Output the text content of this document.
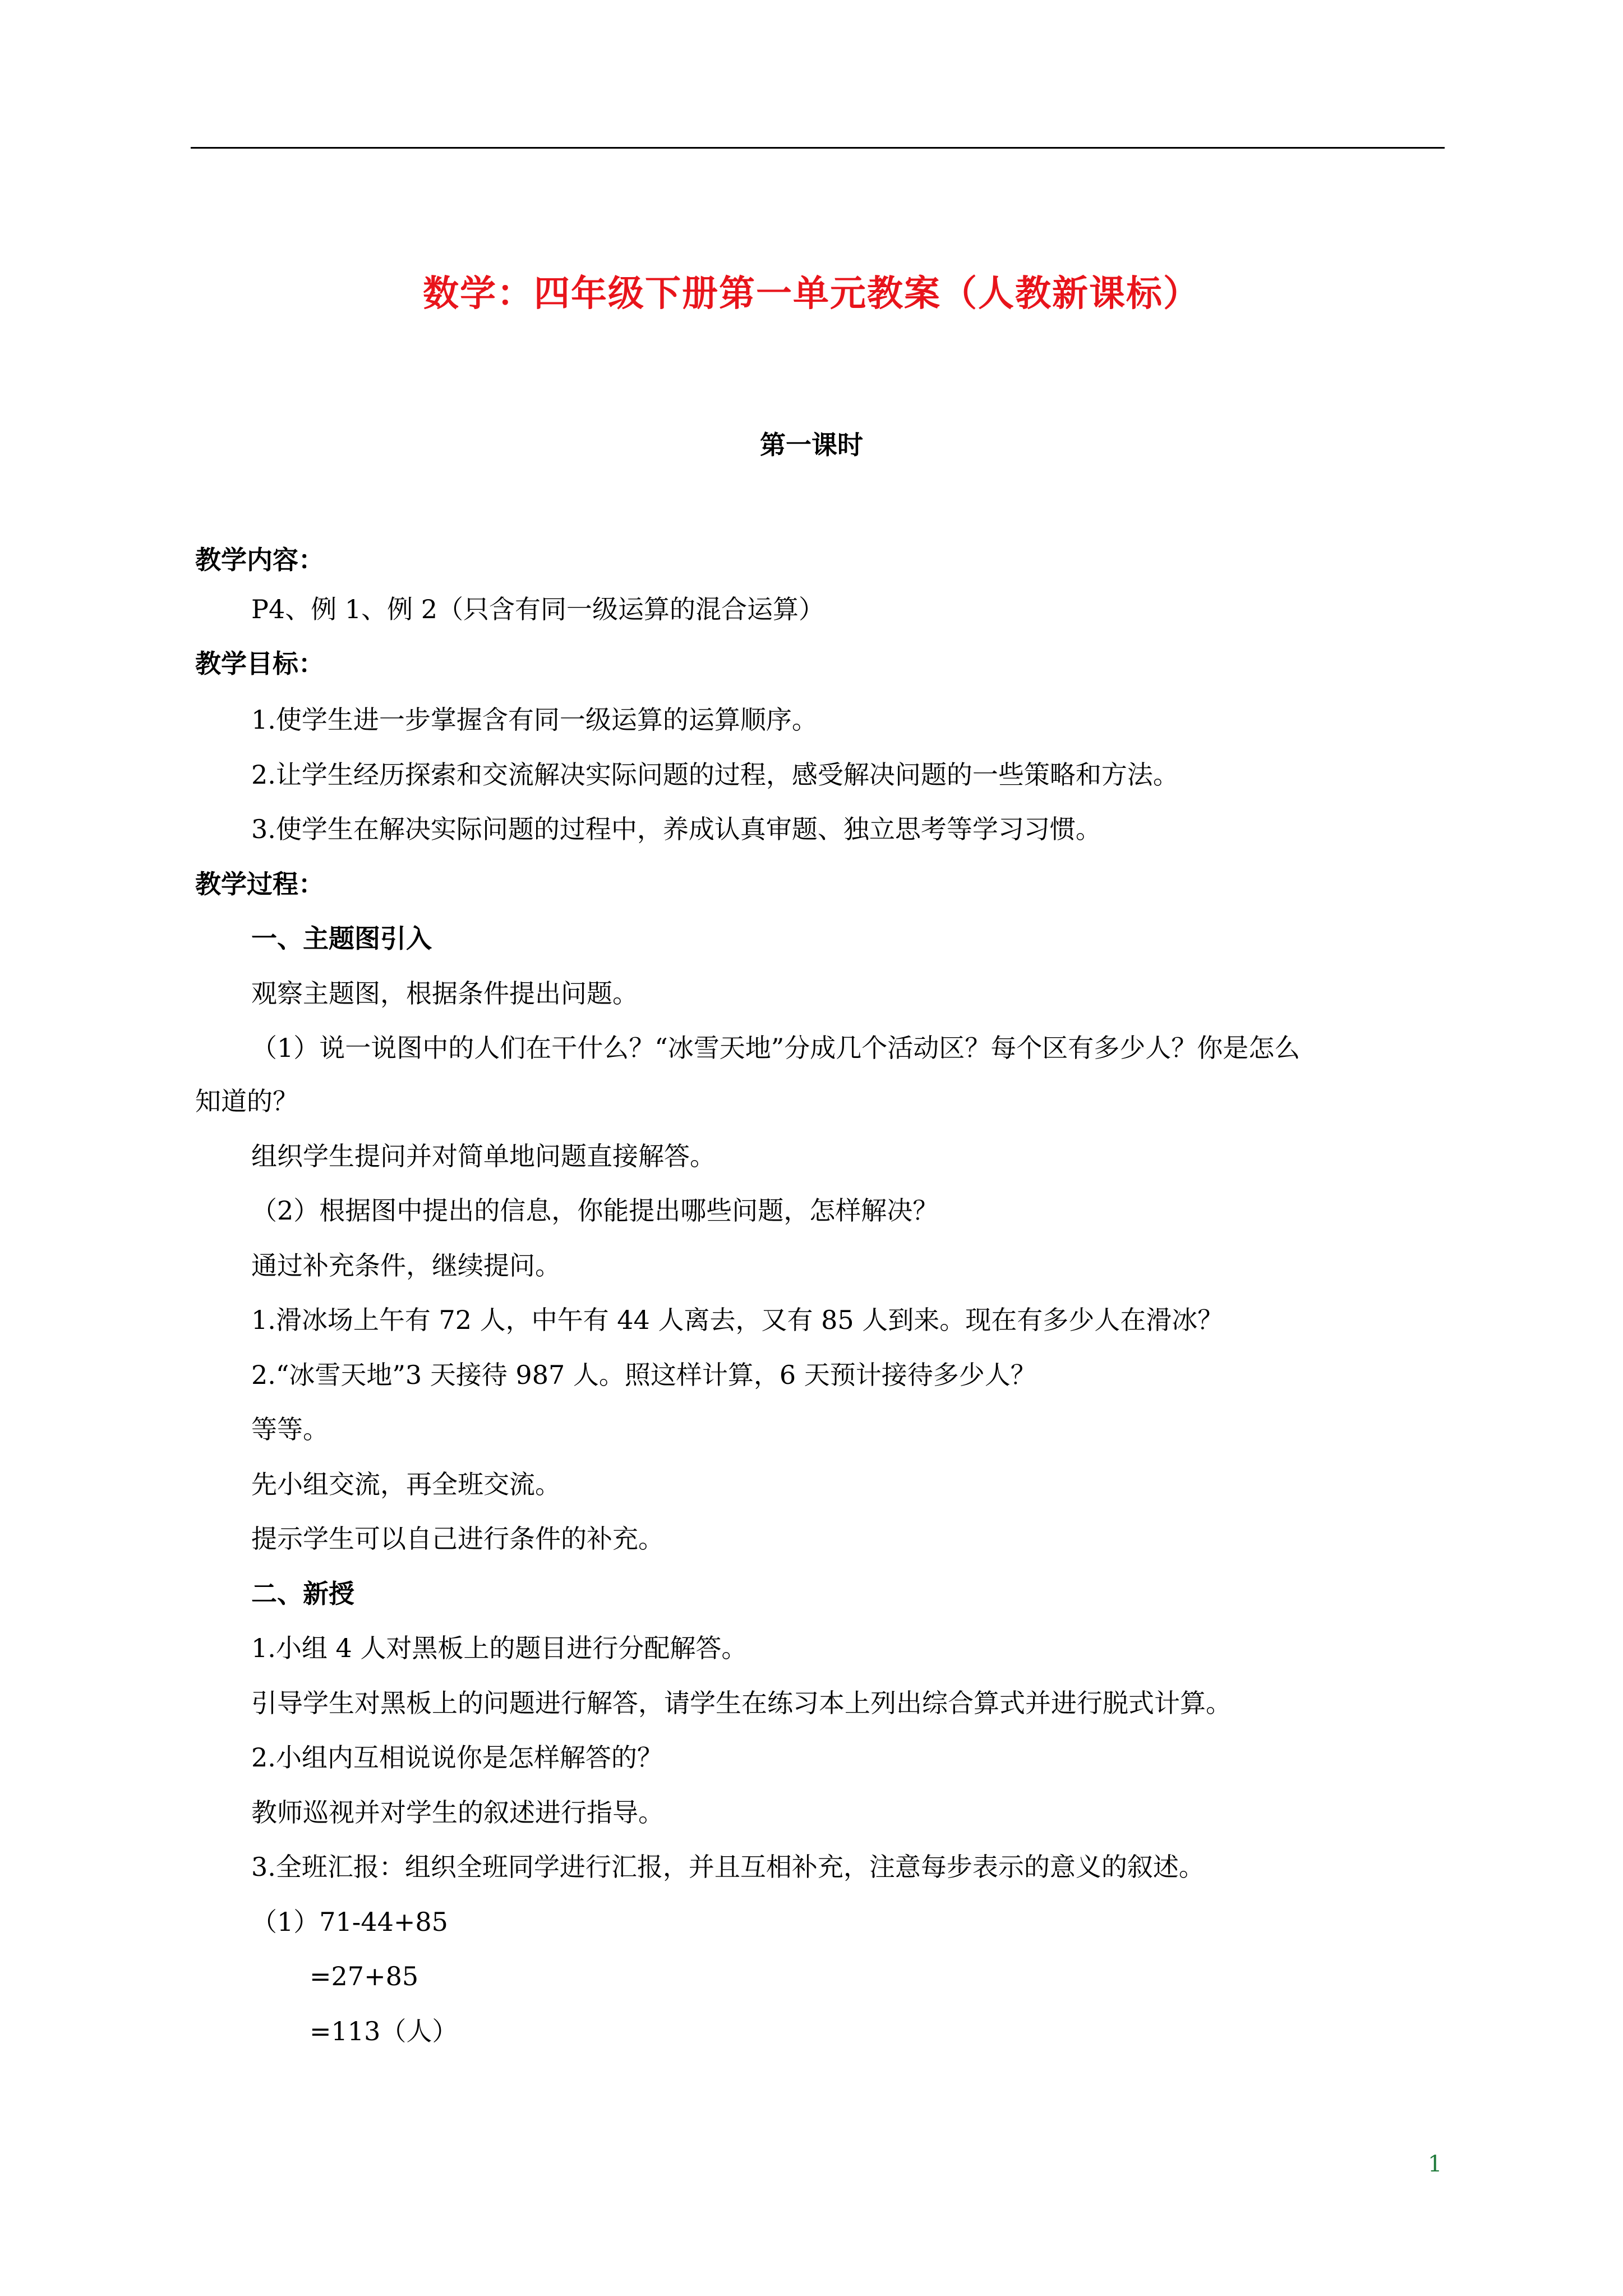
数学：四年级下册第一单元教案（人教新课标）
第一课时
教学内容：
P4、例 1、例 2（只含有同一级运算的混合运算）
教学目标：
1.使学生进一步掌握含有同一级运算的运算顺序。
2.让学生经历探索和交流解决实际问题的过程，感受解决问题的一些策略和方法。
3.使学生在解决实际问题的过程中，养成认真审题、独立思考等学习习惯。
教学过程：
一、主题图引入
观察主题图，根据条件提出问题。
（1）说一说图中的人们在干什么？“冰雪天地”分成几个活动区？每个区有多少人？你是怎么
知道的？
组织学生提问并对简单地问题直接解答。
（2）根据图中提出的信息，你能提出哪些问题，怎样解决？
通过补充条件，继续提问。
1.滑冰场上午有 72 人，中午有 44 人离去，又有 85 人到来。现在有多少人在滑冰？
2.“冰雪天地”3 天接待 987 人。照这样计算，6 天预计接待多少人？
等等。
先小组交流，再全班交流。
提示学生可以自己进行条件的补充。
二、新授
1.小组 4 人对黑板上的题目进行分配解答。
引导学生对黑板上的问题进行解答，请学生在练习本上列出综合算式并进行脱式计算。
2.小组内互相说说你是怎样解答的？
教师巡视并对学生的叙述进行指导。
3.全班汇报：组织全班同学进行汇报，并且互相补充，注意每步表示的意义的叙述。
（1）71-44+85
=27+85
=113（人）
1
